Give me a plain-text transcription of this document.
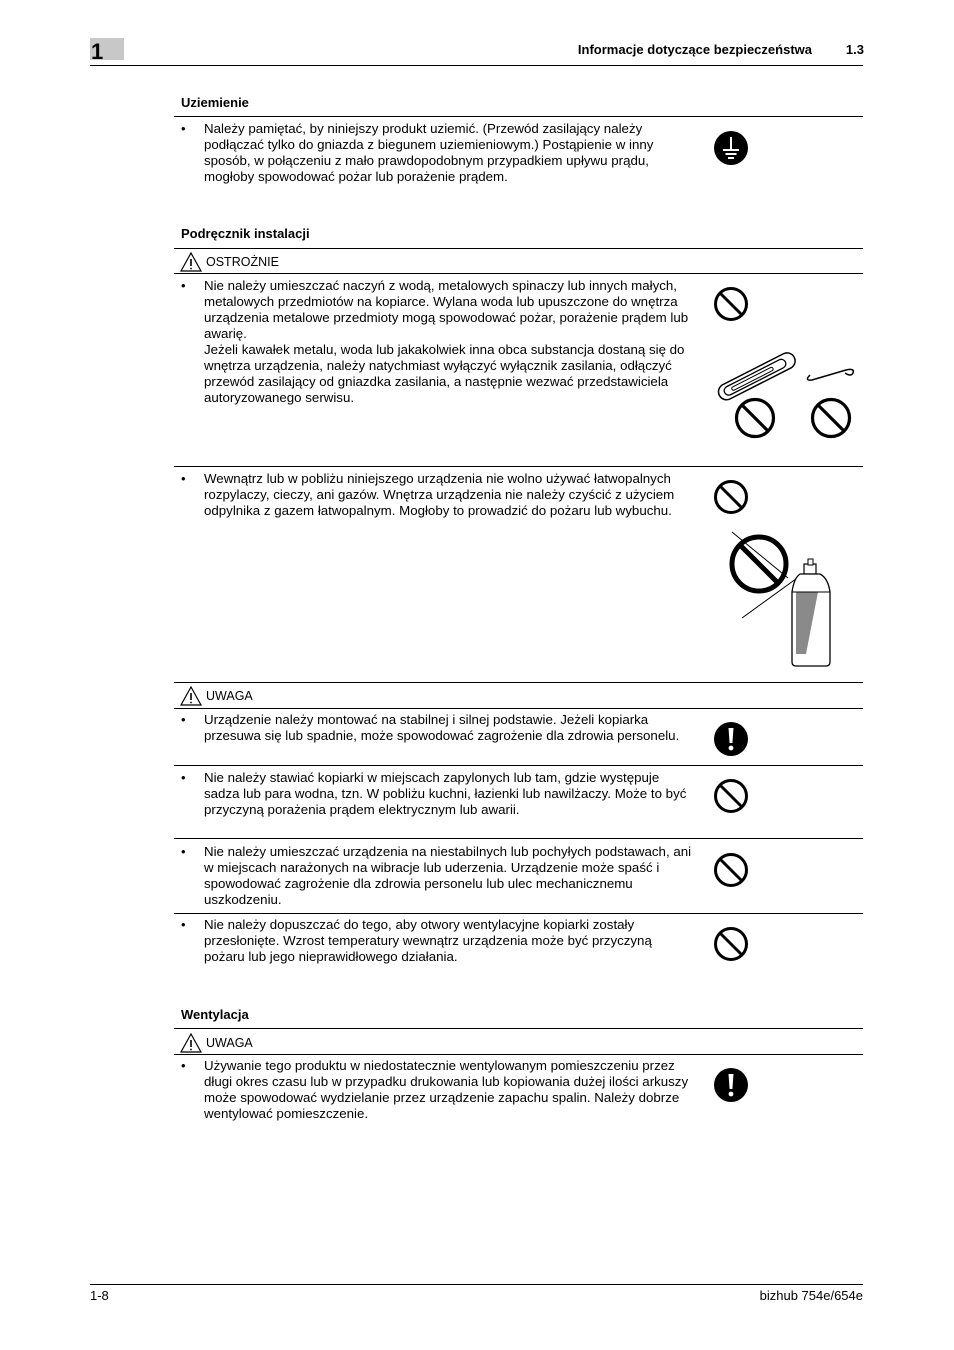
1	Informacje dotyczące bezpieczeństwa	1.3
Uziemienie
• Należy pamiętać, by niniejszy produkt uziemić. (Przewód zasilający należy podłączać tylko do gniazda z biegunem uziemieniowym.) Postąpienie w inny sposób, w połączeniu z mało prawdopodobnym przypadkiem upływu prądu, mogłoby spowodować pożar lub porażenie prądem.
Podręcznik instalacji
OSTROŻNIE
• Nie należy umieszczać naczyń z wodą, metalowych spinaczy lub innych małych, metalowych przedmiotów na kopiarce. Wylana woda lub upuszczone do wnętrza urządzenia metalowe przedmioty mogą spowodować pożar, porażenie prądem lub awarię.
Jeżeli kawałek metalu, woda lub jakakolwiek inna obca substancja dostaną się do wnętrza urządzenia, należy natychmiast wyłączyć wyłącznik zasilania, odłączyć przewód zasilający od gniazdka zasilania, a następnie wezwać przedstawiciela autoryzowanego serwisu.
• Wewnątrz lub w pobliżu niniejszego urządzenia nie wolno używać łatwopalnych rozpylaczy, cieczy, ani gazów. Wnętrza urządzenia nie należy czyścić z użyciem odpylnika z gazem łatwopalnym. Mogłoby to prowadzić do pożaru lub wybuchu.
UWAGA
• Urządzenie należy montować na stabilnej i silnej podstawie. Jeżeli kopiarka przesuwa się lub spadnie, może spowodować zagrożenie dla zdrowia personelu.
• Nie należy stawiać kopiarki w miejscach zapylonych lub tam, gdzie występuje sadza lub para wodna, tzn. W pobliżu kuchni, łazienki lub nawilżaczy. Może to być przyczyną porażenia prądem elektrycznym lub awarii.
• Nie należy umieszczać urządzenia na niestabilnych lub pochyłych podstawach, ani w miejscach narażonych na wibracje lub uderzenia. Urządzenie może spaść i spowodować zagrożenie dla zdrowia personelu lub ulec mechanicznemu uszkodzeniu.
• Nie należy dopuszczać do tego, aby otwory wentylacyjne kopiarki zostały przesłonięte. Wzrost temperatury wewnątrz urządzenia może być przyczyną pożaru lub jego nieprawidłowego działania.
Wentylacja
UWAGA
• Używanie tego produktu w niedostatecznie wentylowanym pomieszczeniu przez długi okres czasu lub w przypadku drukowania lub kopiowania dużej ilości arkuszy może spowodować wydzielanie przez urządzenie zapachu spalin. Należy dobrze wentylować pomieszczenie.
1-8	bizhub 754e/654e
